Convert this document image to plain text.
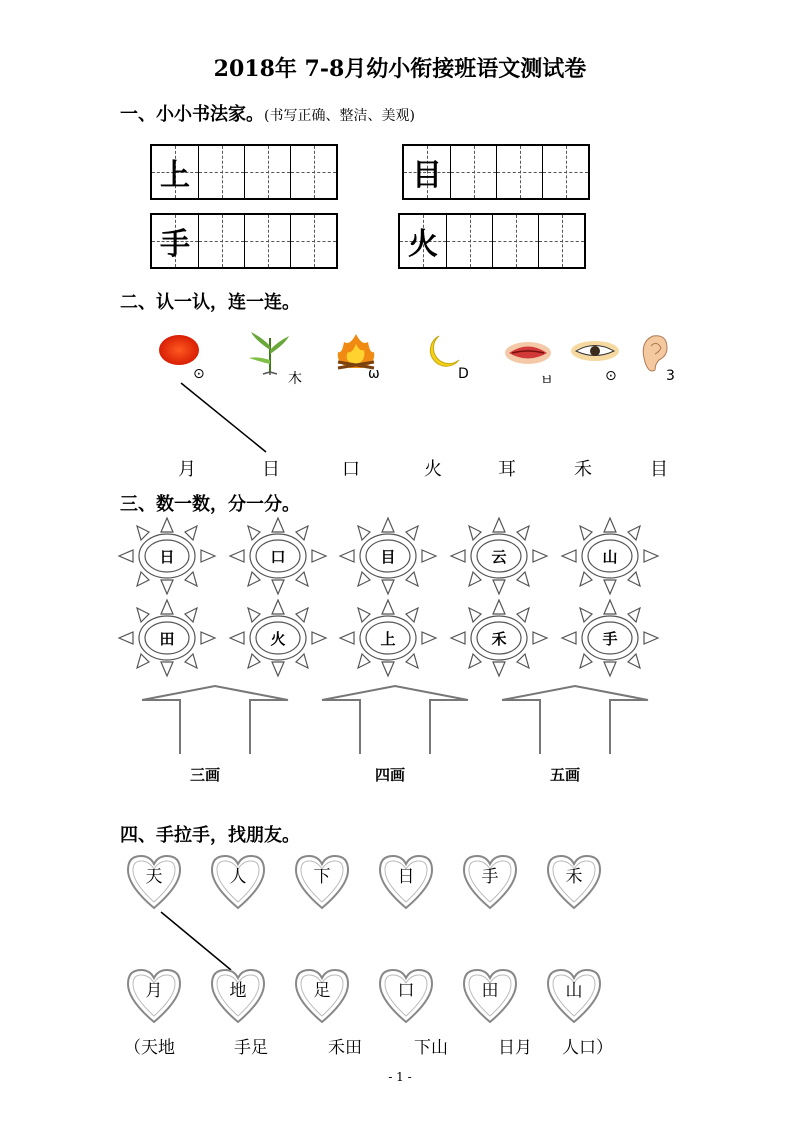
2018年 7-8月幼小衔接班语文测试卷
一、小小书法家。(书写正确、整洁、美观)
上	目
手	火
二、认一认，连一连。
⊙	木	ω	D	ㅂ	⊙	3
月	日	口	火	耳	禾	目
三、数一数，分一分。
日	口	目	云	山
田	火	上	禾	手
三画	四画	五画
四、手拉手，找朋友。
天	人	下	日	手	禾
月	地	足	口	田	山
（天地	手足	禾田	下山	日月 人口）
- 1 -
